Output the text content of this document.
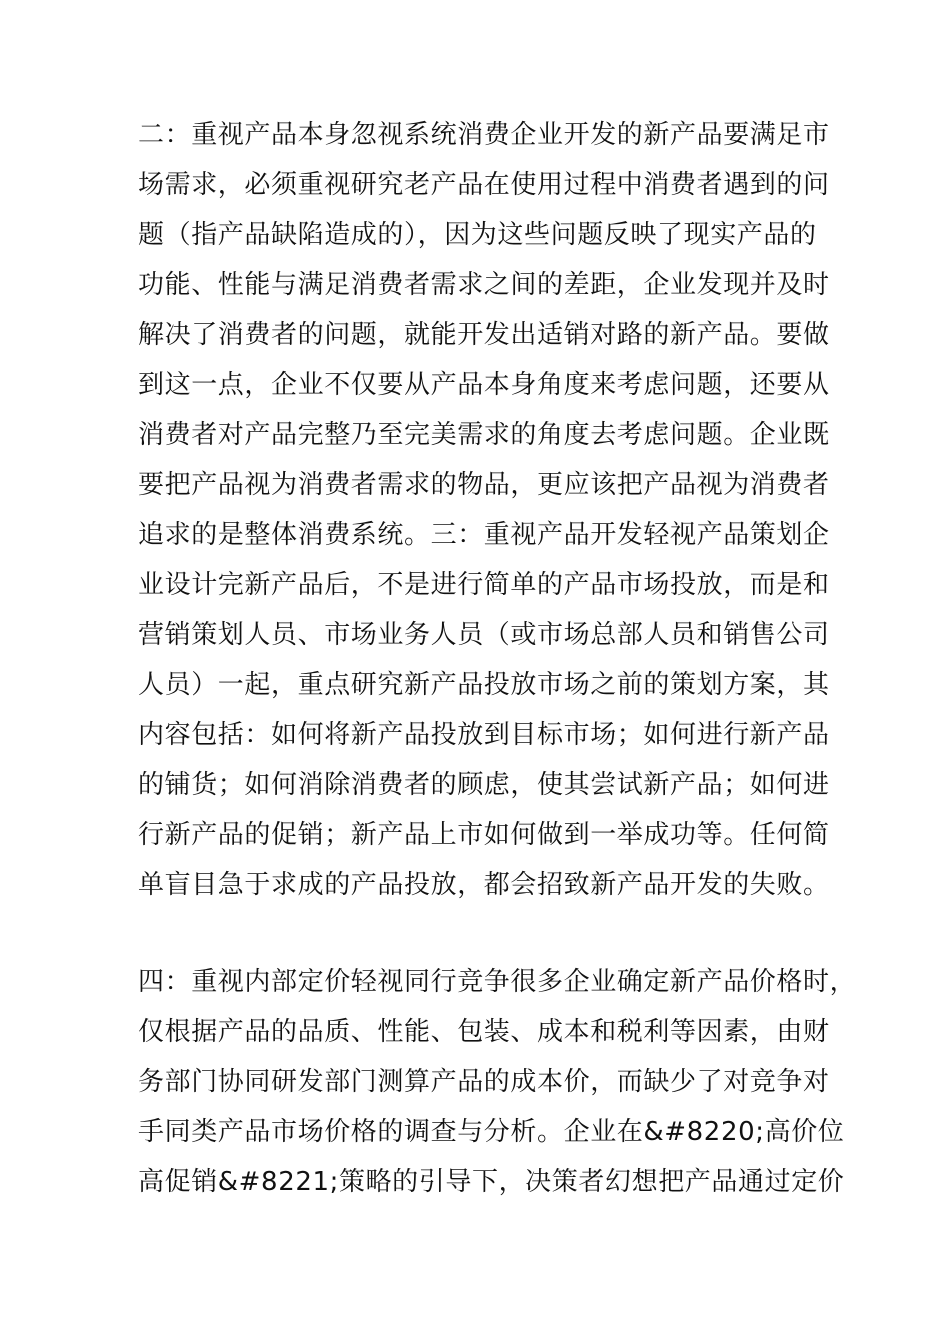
二：重视产品本身忽视系统消费企业开发的新产品要满足市
场需求，必须重视研究老产品在使用过程中消费者遇到的问
题（指产品缺陷造成的），因为这些问题反映了现实产品的
功能、性能与满足消费者需求之间的差距，企业发现并及时
解决了消费者的问题，就能开发出适销对路的新产品。要做
到这一点，企业不仅要从产品本身角度来考虑问题，还要从
消费者对产品完整乃至完美需求的角度去考虑问题。企业既
要把产品视为消费者需求的物品，更应该把产品视为消费者
追求的是整体消费系统。三：重视产品开发轻视产品策划企
业设计完新产品后，不是进行简单的产品市场投放，而是和
营销策划人员、市场业务人员（或市场总部人员和销售公司
人员）一起，重点研究新产品投放市场之前的策划方案，其
内容包括：如何将新产品投放到目标市场；如何进行新产品
的铺货；如何消除消费者的顾虑，使其尝试新产品；如何进
行新产品的促销；新产品上市如何做到一举成功等。任何简
单盲目急于求成的产品投放，都会招致新产品开发的失败。
四：重视内部定价轻视同行竞争很多企业确定新产品价格时，
仅根据产品的品质、性能、包装、成本和税利等因素，由财
务部门协同研发部门测算产品的成本价，而缺少了对竞争对
手同类产品市场价格的调查与分析。企业在&#8220;高价位
高促销&#8221;策略的引导下，决策者幻想把产品通过定价
